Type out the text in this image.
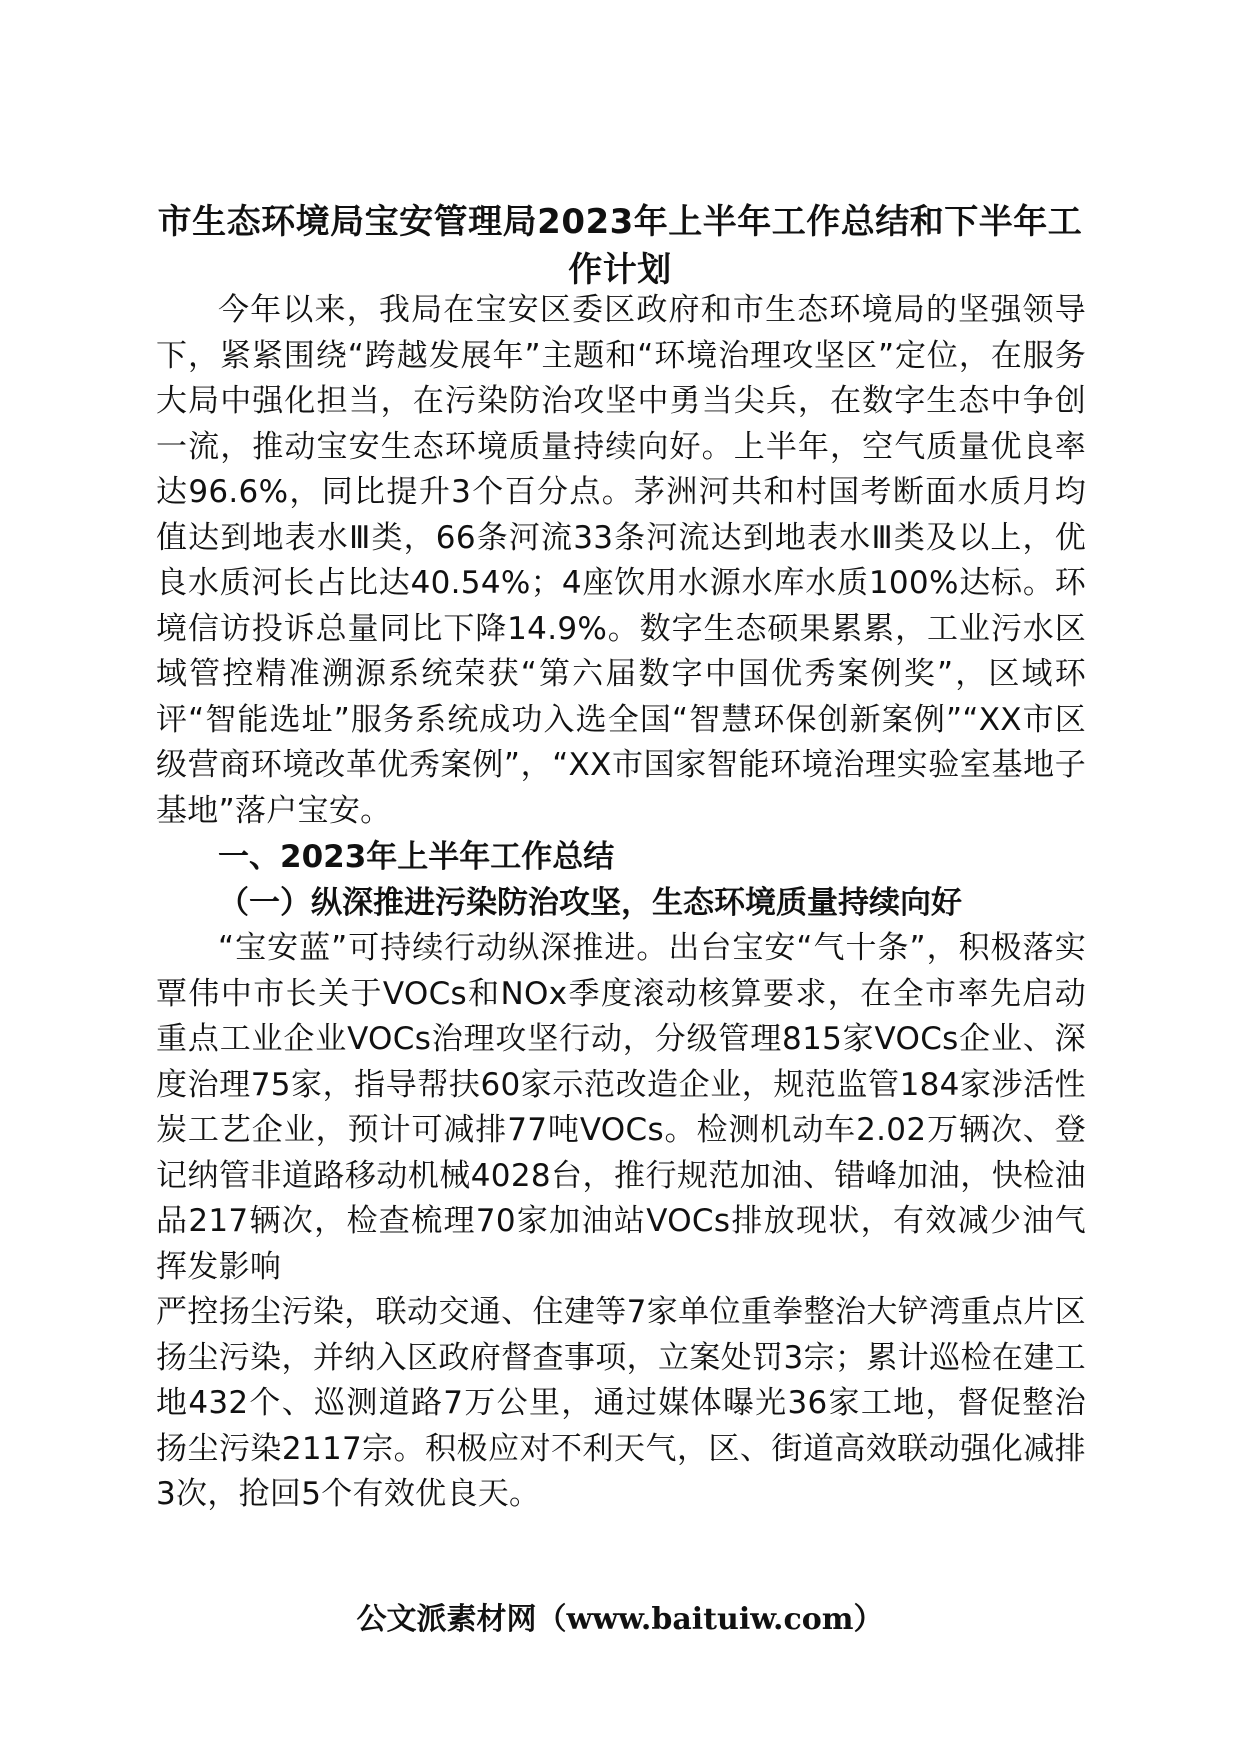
市生态环境局宝安管理局2023年上半年工作总结和下半年工作计划

今年以来，我局在宝安区委区政府和市生态环境局的坚强领导下，紧紧围绕“跨越发展年”主题和“环境治理攻坚区”定位，在服务大局中强化担当，在污染防治攻坚中勇当尖兵，在数字生态中争创一流，推动宝安生态环境质量持续向好。上半年，空气质量优良率达96.6%，同比提升3个百分点。茅洲河共和村国考断面水质月均值达到地表水Ⅲ类，66条河流33条河流达到地表水Ⅲ类及以上，优良水质河长占比达40.54%；4座饮用水源水库水质100%达标。环境信访投诉总量同比下降14.9%。数字生态硕果累累，工业污水区域管控精准溯源系统荣获“第六届数字中国优秀案例奖”，区域环评“智能选址”服务系统成功入选全国“智慧环保创新案例”“XX市区级营商环境改革优秀案例”，“XX市国家智能环境治理实验室基地子基地”落户宝安。

一、2023年上半年工作总结

（一）纵深推进污染防治攻坚，生态环境质量持续向好

“宝安蓝”可持续行动纵深推进。出台宝安“气十条”，积极落实覃伟中市长关于VOCs和NOx季度滚动核算要求，在全市率先启动重点工业企业VOCs治理攻坚行动，分级管理815家VOCs企业、深度治理75家，指导帮扶60家示范改造企业，规范监管184家涉活性炭工艺企业，预计可减排77吨VOCs。检测机动车2.02万辆次、登记纳管非道路移动机械4028台，推行规范加油、错峰加油，快检油品217辆次，检查梳理70家加油站VOCs排放现状，有效减少油气挥发影响

严控扬尘污染，联动交通、住建等7家单位重拳整治大铲湾重点片区扬尘污染，并纳入区政府督查事项，立案处罚3宗；累计巡检在建工地432个、巡测道路7万公里，通过媒体曝光36家工地，督促整治扬尘污染2117宗。积极应对不利天气，区、街道高效联动强化减排3次，抢回5个有效优良天。

公文派素材网（www.baituiw.com）
